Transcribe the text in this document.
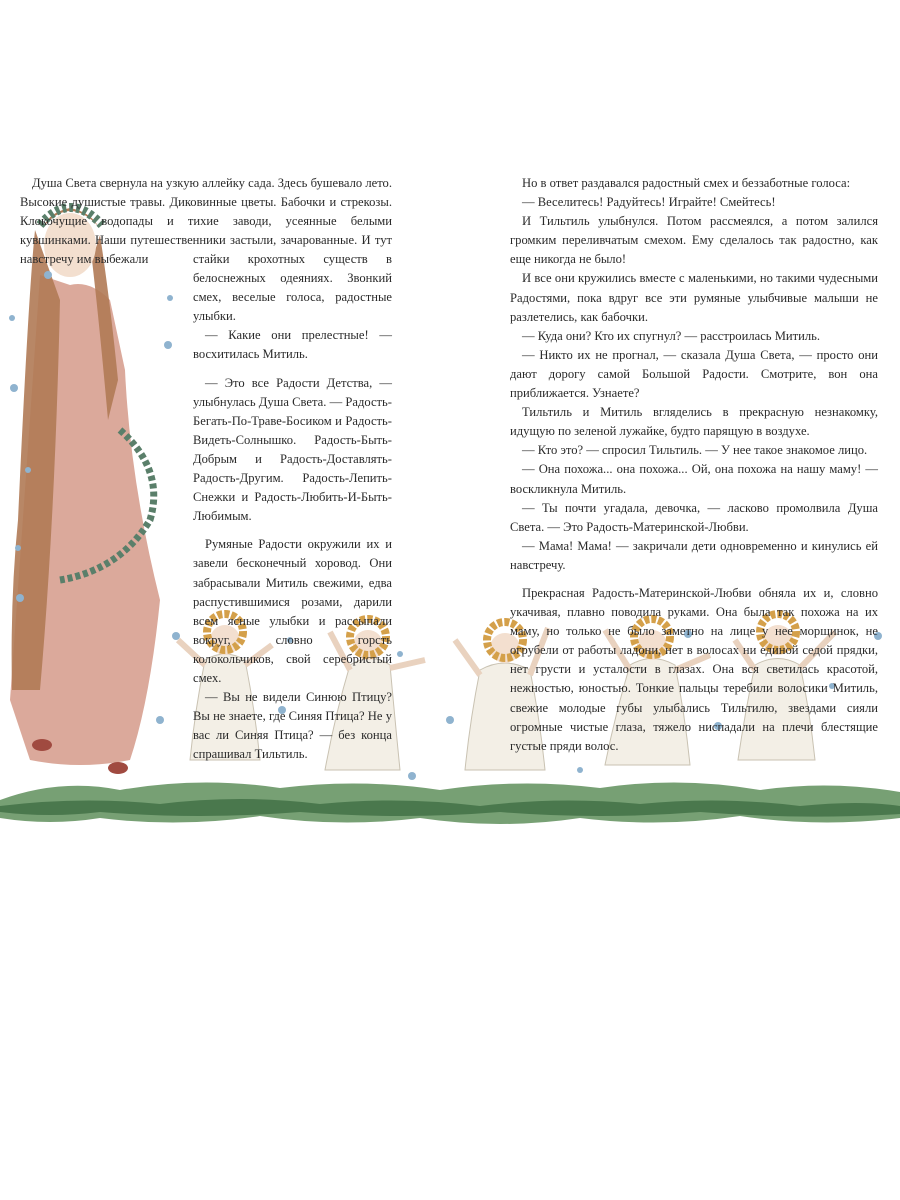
Душа Света свернула на узкую аллейку сада. Здесь бушевало лето. Высокие душистые травы. Диковинные цветы. Бабочки и стрекозы. Клокочущие водопады и тихие заводи, усеянные белыми кувшинками. Наши путешественники застыли, зачарованные. И тут навстречу им выбежали	стайки крохотных существ в белоснежных одеяниях. Звонкий смех, веселые голоса, радостные улыбки.

— Какие они прелестные! — восхитилась Митиль.

— Это все Радости Детства, — улыбнулась Душа Света. — Радость-Бегать-По-Траве-Босиком и Радость-Видеть-Солнышко. Радость-Быть-Добрым и Радость-Доставлять-Радость-Другим. Радость-Лепить-Снежки и Радость-Любить-И-Быть-Любимым.

Румяные Радости окружили их и завели бесконечный хоровод. Они забрасывали Митиль свежими, едва распустившимися розами, дарили всем ясные улыбки и рассыпали вокруг, словно горсть колокольчиков, свой серебристый смех.

— Вы не видели Синюю Птицу? Вы не знаете, где Синяя Птица? Не у вас ли Синяя Птица? — без конца спрашивал Тильтиль.

Но в ответ раздавался радостный смех и беззаботные голоса:

— Веселитесь! Радуйтесь! Играйте! Смейтесь!

И Тильтиль улыбнулся. Потом рассмеялся, а потом залился громким переливчатым смехом. Ему сделалось так радостно, как еще никогда не было!

И все они кружились вместе с маленькими, но такими чудесными Радостями, пока вдруг все эти румяные улыбчивые малыши не разлетелись, как бабочки.

— Куда они? Кто их спугнул? — расстроилась Митиль.

— Никто их не прогнал, — сказала Душа Света, — просто они дают дорогу самой Большой Радости. Смотрите, вон она приближается. Узнаете?

Тильтиль и Митиль вгляделись в прекрасную незнакомку, идущую по зеленой лужайке, будто парящую в воздухе.

— Кто это? — спросил Тильтиль. — У нее такое знакомое лицо.

— Она похожа... она похожа... Ой, она похожа на нашу маму! — воскликнула Митиль.

— Ты почти угадала, девочка, — ласково промолвила Душа Света. — Это Радость-Материнской-Любви.

— Мама! Мама! — закричали дети одновременно и кинулись ей навстречу.

Прекрасная Радость-Материнской-Любви обняла их и, словно укачивая, плавно поводила руками. Она была так похожа на их маму, но только не было заметно на лице у нее морщинок, не огрубели от работы ладони, нет в волосах ни единой седой прядки, нет грусти и усталости в глазах. Она вся светилась красотой, нежностью, юностью. Тонкие пальцы теребили волосики Митиль, свежие молодые губы улыбались Тильтилю, звездами сияли огромные чистые глаза, тяжело ниспадали на плечи блестящие густые пряди волос.
